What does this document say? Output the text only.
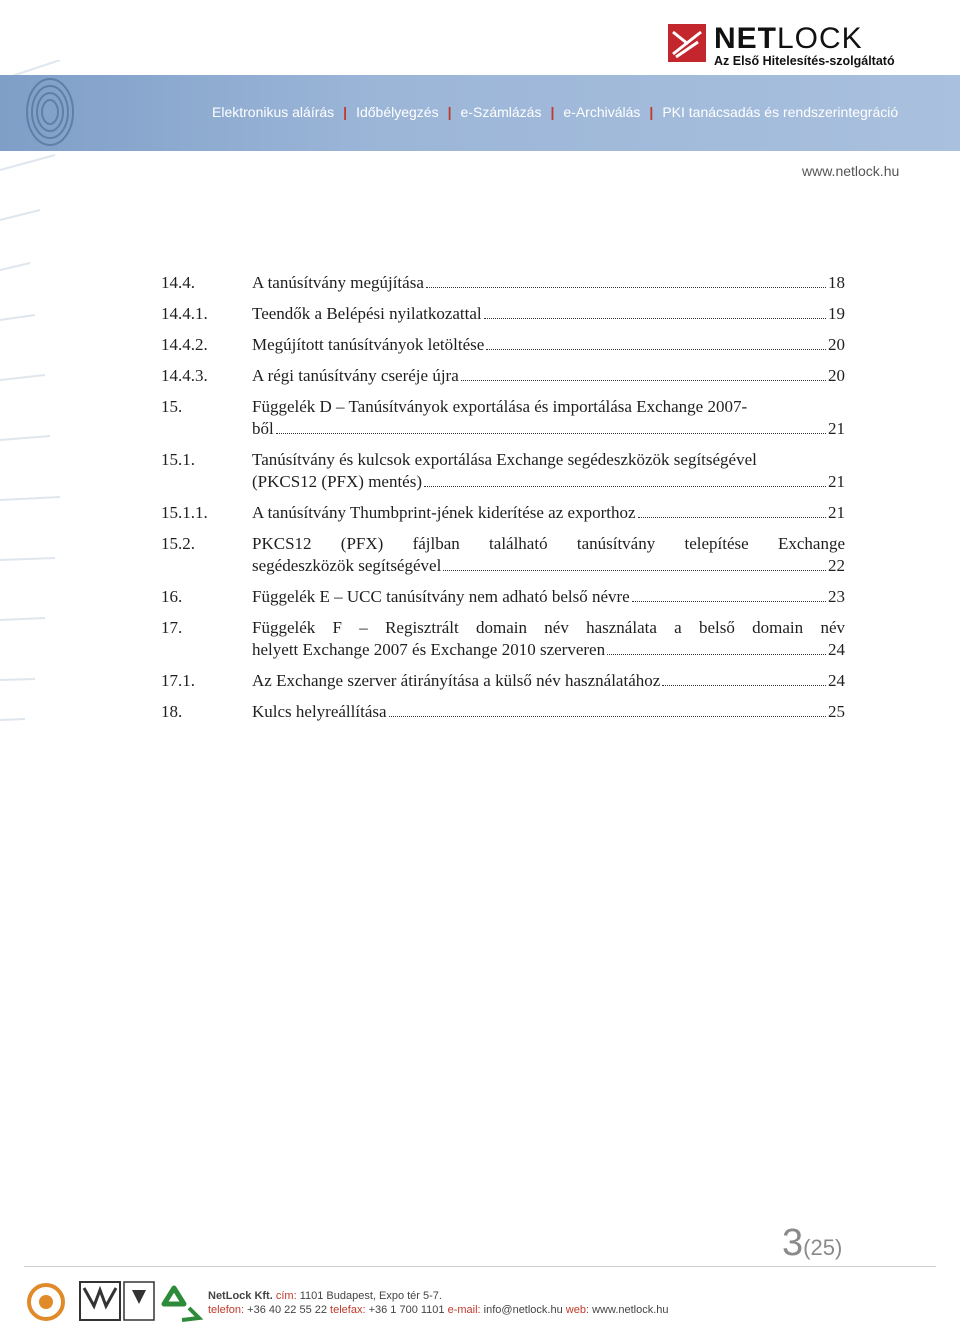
NETLOCK
Az Első Hitelesítés-szolgáltató
Elektronikus aláírás | Időbélyegzés | e-Számlázás | e-Archiválás | PKI tanácsadás és rendszerintegráció
www.netlock.hu
14.4.	A tanúsítvány megújítása	18
14.4.1.	Teendők a Belépési nyilatkozattal	19
14.4.2.	Megújított tanúsítványok letöltése	20
14.4.3.	A régi tanúsítvány cseréje újra	20
15.	Függelék D – Tanúsítványok exportálása és importálása Exchange 2007-
ből	21
15.1.	Tanúsítvány és kulcsok exportálása Exchange segédeszközök segítségével
(PKCS12 (PFX) mentés)	21
15.1.1.	A tanúsítvány Thumbprint-jének kiderítése az exporthoz	21
15.2.	PKCS12 (PFX) fájlban található tanúsítvány telepítése Exchange
segédeszközök segítségével	22
16.	Függelék E – UCC tanúsítvány nem adható belső névre	23
17.	Függelék F – Regisztrált domain név használata a belső domain név
helyett Exchange 2007 és Exchange 2010 szerveren	24
17.1.	Az Exchange szerver átirányítása a külső név használatához	24
18.	Kulcs helyreállítása	25
3(25)
NetLock Kft. cím: 1101 Budapest, Expo tér 5-7.
telefon: +36 40 22 55 22 telefax: +36 1 700 1101 e-mail: info@netlock.hu web: www.netlock.hu
